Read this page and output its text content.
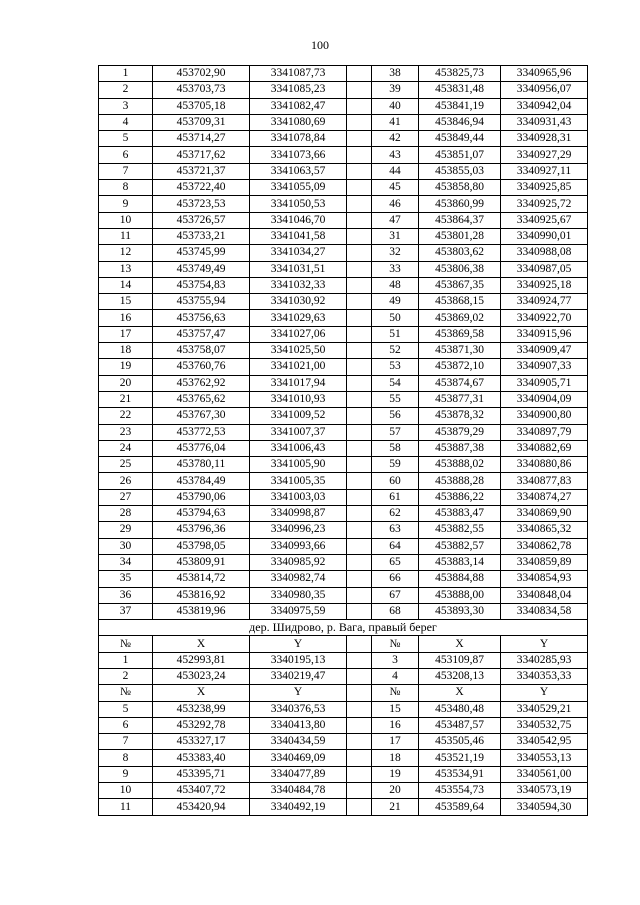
100
1	453702,90	3341087,73		38	453825,73	3340965,96
2	453703,73	3341085,23		39	453831,48	3340956,07
3	453705,18	3341082,47		40	453841,19	3340942,04
4	453709,31	3341080,69		41	453846,94	3340931,43
5	453714,27	3341078,84		42	453849,44	3340928,31
6	453717,62	3341073,66		43	453851,07	3340927,29
7	453721,37	3341063,57		44	453855,03	3340927,11
8	453722,40	3341055,09		45	453858,80	3340925,85
9	453723,53	3341050,53		46	453860,99	3340925,72
10	453726,57	3341046,70		47	453864,37	3340925,67
11	453733,21	3341041,58		31	453801,28	3340990,01
12	453745,99	3341034,27		32	453803,62	3340988,08
13	453749,49	3341031,51		33	453806,38	3340987,05
14	453754,83	3341032,33		48	453867,35	3340925,18
15	453755,94	3341030,92		49	453868,15	3340924,77
16	453756,63	3341029,63		50	453869,02	3340922,70
17	453757,47	3341027,06		51	453869,58	3340915,96
18	453758,07	3341025,50		52	453871,30	3340909,47
19	453760,76	3341021,00		53	453872,10	3340907,33
20	453762,92	3341017,94		54	453874,67	3340905,71
21	453765,62	3341010,93		55	453877,31	3340904,09
22	453767,30	3341009,52		56	453878,32	3340900,80
23	453772,53	3341007,37		57	453879,29	3340897,79
24	453776,04	3341006,43		58	453887,38	3340882,69
25	453780,11	3341005,90		59	453888,02	3340880,86
26	453784,49	3341005,35		60	453888,28	3340877,83
27	453790,06	3341003,03		61	453886,22	3340874,27
28	453794,63	3340998,87		62	453883,47	3340869,90
29	453796,36	3340996,23		63	453882,55	3340865,32
30	453798,05	3340993,66		64	453882,57	3340862,78
34	453809,91	3340985,92		65	453883,14	3340859,89
35	453814,72	3340982,74		66	453884,88	3340854,93
36	453816,92	3340980,35		67	453888,00	3340848,04
37	453819,96	3340975,59		68	453893,30	3340834,58
дер. Шидрово, р. Вага, правый берег						
№	X	Y		№	X	Y
1	452993,81	3340195,13		3	453109,87	3340285,93
2	453023,24	3340219,47		4	453208,13	3340353,33
№	X	Y		№	X	Y
5	453238,99	3340376,53		15	453480,48	3340529,21
6	453292,78	3340413,80		16	453487,57	3340532,75
7	453327,17	3340434,59		17	453505,46	3340542,95
8	453383,40	3340469,09		18	453521,19	3340553,13
9	453395,71	3340477,89		19	453534,91	3340561,00
10	453407,72	3340484,78		20	453554,73	3340573,19
11	453420,94	3340492,19		21	453589,64	3340594,30
